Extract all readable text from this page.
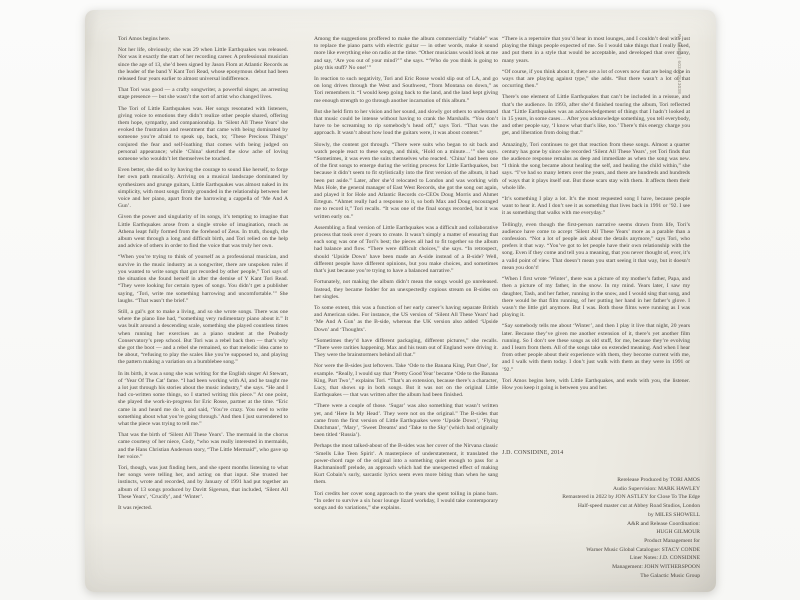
Tori Amos begins here.

Not her life, obviously; she was 29 when Little Earthquakes was released. Nor was it exactly the start of her recording career. A professional musician since the age of 13, she’d been signed by Jason Flom at Atlantic Records as the leader of the band Y Kant Tori Read, whose eponymous debut had been released four years earlier to almost universal indifference.

That Tori was good — a crafty songwriter, a powerful singer, an arresting stage presence — but she wasn’t the sort of artist who changed lives.

The Tori of Little Earthquakes was. Her songs resonated with listeners, giving voice to emotions they didn’t realize other people shared, offering them hope, sympathy, and companionship. In ‘Silent All These Years’ she evoked the frustration and resentment that came with being dominated by someone you’re afraid to speak up, back, to; ‘These Precious Things’ conjured the fear and self-loathing that comes with being judged on personal appearance; while ‘China’ sketched the slow ache of loving someone who wouldn’t let themselves be touched.

Even better, she did so by having the courage to sound like herself, to forge her own path musically. Arriving on a musical landscape dominated by synthesizers and grunge guitars, Little Earthquakes was almost naked in its simplicity, with most songs firmly grounded in the relationship between her voice and her piano, apart from the harrowing a cappella of ‘Me And A Gun’.

Given the power and singularity of its songs, it’s tempting to imagine that Little Earthquakes arose from a single stroke of imagination, much as Athena leapt fully formed from the forehead of Zeus. In truth, though, the album went through a long and difficult birth, and Tori relied on the help and advice of others in order to find the voice that was truly her own.

“When you’re trying to think of yourself as a professional musician, and survive in the music industry as a songwriter, there are unspoken rules if you wanted to write songs that got recorded by other people,” Tori says of the situation she found herself in after the demise of Y Kant Tori Read. “They were looking for certain types of songs. You didn’t get a publisher saying, ‘Tori, write me something harrowing and uncomfortable.’” She laughs. “That wasn’t the brief.”

Still, a gal’s got to make a living, and so she wrote songs. There was one where the piano line had, “something very rudimentary piano about it.” It was built around a descending scale, something she played countless times when running her exercises as a piano student at the Peabody Conservatory’s prep school. But Tori was a rebel back then — that’s why she got the boot — and a rebel she remained, so that melodic idea came to be about, “refusing to play the scales like you’re supposed to, and playing the pattern making a variation on a bumblebee song.”

In its birth, it was a song she was writing for the English singer Al Stewart, of ‘Year Of The Cat’ fame. “I had been working with Al, and he taught me a lot just through his stories about the music industry,” she says. “He and I had co-written some things, so I started writing this piece.” At one point, she played the work-in-progress for Eric Rosse, partner at the time. “Eric came in and heard me do it, and said, ‘You’re crazy. You need to write something about what you’re going through.’ And then I just surrendered to what the piece was trying to tell me.”

That was the birth of ‘Silent All These Years’. The mermaid in the chorus came courtesy of her niece, Cody, “who was really interested in mermaids, and the Hans Christian Anderson story, “The Little Mermaid”, who gave up her voice.”

Tori, though, was just finding hers, and she spent months listening to what her songs were telling her, and acting on that input. She trusted her instincts, wrote and recorded, and by January of 1991 had put together an album of 13 songs produced by Davitt Sigerson, that included, ‘Silent All These Years’, ‘Crucify’, and ‘Winter’.

It was rejected.

Among the suggestions proffered to make the album commercially “viable” was to replace the piano parts with electric guitar — in other words, make it sound more like everything else on radio at the time. “Other musicians would look at me and say, ‘Are you out of your mind?’” she says. “‘Who do you think is going to play this stuff? No one!’”

In reaction to such negativity, Tori and Eric Rosse would slip out of LA, and go on long drives through the West and Southwest, “from Montana on down,” as Tori remembers it. “I would keep going back to the land, and the land kept giving me enough strength to go through another incarnation of this album.”

But she held firm to her vision and her sound, and slowly got others to understand that music could be intense without having to crank the Marshalls. “You don’t have to be screaming to rip somebody’s head off,” says Tori. “That was the approach. It wasn’t about how loud the guitars were, it was about content.”

Slowly, the content got through. “There were suits who began to sit back and watch people react to these songs, and think, ‘Hold on a minute…’” she says. “Sometimes, it was even the suits themselves who reacted. ‘China’ had been one of the first songs to emerge during the writing process for Little Earthquakes, but because it didn’t seem to fit stylistically into the first version of the album, it had been put aside.” Later, after she’d relocated to London and was working with Max Hole, the general manager of East West Records, she got the song out again, and played it for Hole and Atlantic Records co-CEOs Doug Morris and Ahmet Ertegun. “Ahmet really had a response to it, so both Max and Doug encouraged me to record it,” Tori recalls. “It was one of the final songs recorded, but it was written early on.”

Assembling a final version of Little Earthquakes was a difficult and collaborative process that took over 4 years to create. It wasn’t simply a matter of ensuring that each song was one of Tori’s best; the pieces all had to fit together so the album had balance and flow. “There were difficult choices,” she says. “In retrospect, should ‘Upside Down’ have been made an A-side instead of a B-side? Well, different people have different opinions, but you make choices, and sometimes that’s just because you’re trying to have a balanced narrative.”

Fortunately, not making the album didn’t mean the songs would go unreleased. Instead, they became fodder for an unexpectedly copious stream on B-sides on her singles.

To some extent, this was a function of her early career’s having separate British and American sides. For instance, the US version of ‘Silent All These Years’ had ‘Me And A Gun’ as the B-side, whereas the UK version also added ‘Upside Down’ and ‘Thoughts’.

“Sometimes they’d have different packaging, different pictures,” she recalls. “There were rarities happening. Max and his team out of England were driving it. They were the brainstormers behind all that.”

Nor were the B-sides just leftovers. Take ‘Ode to the Banana King, Part One’, for example. “Really, I would say that ‘Pretty Good Year’ became ‘Ode to the Banana King, Part Two’,” explains Tori. “That’s an extension, because there’s a character, Lucy, that shows up in both songs. But it was not on the original Little Earthquakes — that was written after the album had been finished.

“There were a couple of those. ‘Sugar’ was also something that wasn’t written yet, and ‘Here In My Head’. They were not on the original.” The B-sides that came from the first version of Little Earthquakes were ‘Upside Down’, ‘Flying Dutchman’, ‘Mary’, ‘Sweet Dreams’ and ‘Take to the Sky’ (which had originally been titled ‘Russia’).

Perhaps the most talked-about of the B-sides was her cover of the Nirvana classic ‘Smells Like Teen Spirit’. A masterpiece of understatement, it translated the power-chord rage of the original into a something quiet enough to pass for a Rachmaninoff prelude, an approach which had the unexpected effect of making Kurt Cobain’s surly, sarcastic lyrics seem even more biting than when he sang them.

Tori credits her cover song approach to the years she spent toiling in piano bars. “In order to survive a six hour lounge lizard workday, I would take contemporary songs and do variations,” she explains.

“There is a repertoire that you’d hear in most lounges, and I couldn’t deal with just playing the things people expected of me. So I would take things that I really liked, and put them in a style that would be acceptable, and developed that over many, many years.

“Of course, if you think about it, there are a lot of covers now that are being done in ways that are playing against type,” she adds. “But there wasn’t a lot of that occurring then.”

There’s one element of Little Earthquakes that can’t be included in a reissue, and that’s the audience. In 1993, after she’d finished touring the album, Tori reflected that “Little Earthquakes was an acknowledgement of things that I hadn’t looked at in 15 years, in some cases… After you acknowledge something, you tell everybody, and other people say, ‘I know what that’s like, too.’ There’s this energy charge you get, and liberation from doing that.”

Amazingly, Tori continues to get that reaction from these songs. Almost a quarter century has gone by since she recorded ‘Silent All These Years’, yet Tori finds that the audience response remains as deep and immediate as when the song was new. “I think the song became about healing the self, and healing the child within,” she says. “I’ve had so many letters over the years, and there are hundreds and hundreds of ways that it plays itself out. But those scars stay with them. It affects them their whole life.

“It’s something I play a lot. It’s the most requested song I have, because people want to hear it. And I don’t see it as something that lives back in 1991 or ’92. I see it as something that walks with me everyday.”

Tellingly, even though the first-person narrative seems drawn from life, Tori’s audience have come to accept ‘Silent All These Years’ more as a parable than a confession. “Not a lot of people ask about the details anymore,” says Tori, who prefers it that way. “You’ve got to let people have their own relationship with the song. Even if they come and tell you a meaning, that you never thought of, ever, it’s a valid point of view. That doesn’t mean you start seeing it that way, but it doesn’t mean you don’t!

“When I first wrote ‘Winter’, there was a picture of my mother’s father, Papa, and then a picture of my father, in the snow. In my mind. Years later, I saw my daughter, Tash, and her father, running in the snow, and I would sing that song, and there would be that film running, of her putting her hand in her father’s glove. I wasn’t the little girl anymore. But I was. Both those films were running as I was playing it.

“Say somebody tells me about ‘Winter’, and then I play it live that night, 20 years later. Because they’ve given me another extension of it, there’s yet another film running. So I don’t see these songs as old stuff, for me, because they’re evolving and I learn from them. All of the songs take on extended meaning. And when I hear from other people about their experience with them, they become current with me, and I walk with them today. I don’t just walk with them as they were in 1991 or ’92.”

Tori Amos begins here, with Little Earthquakes, and ends with you, the listener. How you keep it going is between you and her.

J.D. CONSIDINE, 2014

Rerelease Produced by TORI AMOS

Audio Supervision: MARK HAWLEY

Remastered in 2022 by JON ASTLEY for Close To The Edge

Half-speed master cut at Abbey Road Studios, London

by MILES SHOWELL

A&R and Release Coordination:

HUGH GILMOUR

Product Management for

Warner Music Global Catalogue: STACY CONDE

Liner Notes: J.D. CONSIDINE

Management: JOHN WITHERSPOON

The Galactic Music Group

R1 82358 | 603497843038
